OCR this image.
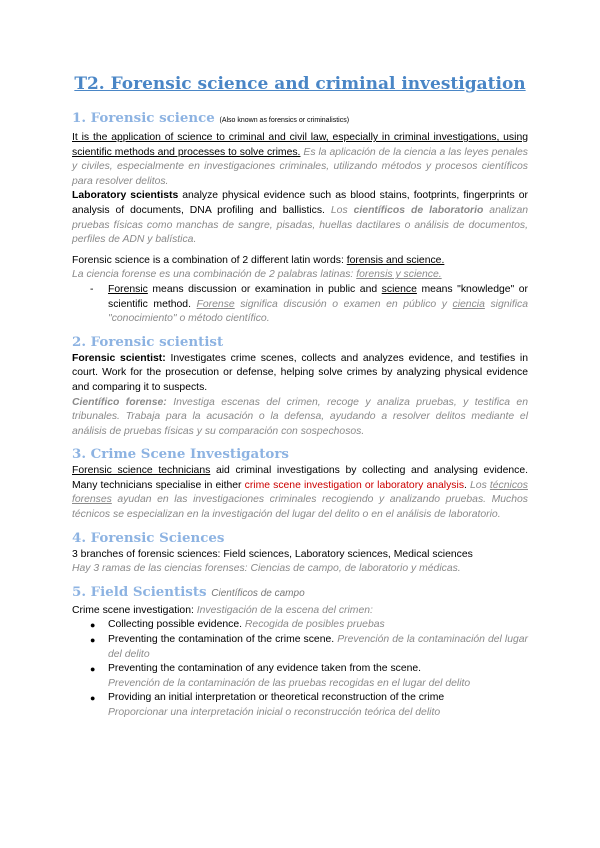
T2. Forensic science and criminal investigation
1. Forensic science (Also known as forensics or criminalistics)

It is the application of science to criminal and civil law, especially in criminal investigations, using scientific methods and processes to solve crimes. Es la aplicación de la ciencia a las leyes penales y civiles, especialmente en investigaciones criminales, utilizando métodos y procesos científicos para resolver delitos.

Laboratory scientists analyze physical evidence such as blood stains, footprints, fingerprints or analysis of documents, DNA profiling and ballistics. Los científicos de laboratorio analizan pruebas físicas como manchas de sangre, pisadas, huellas dactilares o análisis de documentos, perfiles de ADN y balística.

Forensic science is a combination of 2 different latin words: forensis and science.

La ciencia forense es una combinación de 2 palabras latinas: forensis y science.

- Forensic means discussion or examination in public and science means "knowledge" or scientific method. Forense significa discusión o examen en público y ciencia significa "conocimiento" o método científico.
2. Forensic scientist

Forensic scientist: Investigates crime scenes, collects and analyzes evidence, and testifies in court. Work for the prosecution or defense, helping solve crimes by analyzing physical evidence and comparing it to suspects.

Científico forense: Investiga escenas del crimen, recoge y analiza pruebas, y testifica en tribunales. Trabaja para la acusación o la defensa, ayudando a resolver delitos mediante el análisis de pruebas físicas y su comparación con sospechosos.

3. Crime Scene Investigators

Forensic science technicians aid criminal investigations by collecting and analysing evidence. Many technicians specialise in either crime scene investigation or laboratory analysis. Los técnicos forenses ayudan en las investigaciones criminales recogiendo y analizando pruebas. Muchos técnicos se especializan en la investigación del lugar del delito o en el análisis de laboratorio.

4. Forensic Sciences

3 branches of forensic sciences: Field sciences, Laboratory sciences, Medical sciences

Hay 3 ramas de las ciencias forenses: Ciencias de campo, de laboratorio y médicas.

5. Field Scientists Científicos de campo

Crime scene investigation: Investigación de la escena del crimen:

● Collecting possible evidence. Recogida de posibles pruebas
● Preventing the contamination of the crime scene. Prevención de la contaminación del lugar del delito
● Preventing the contamination of any evidence taken from the scene.
Prevención de la contaminación de las pruebas recogidas en el lugar del delito
● Providing an initial interpretation or theoretical reconstruction of the crime
Proporcionar una interpretación inicial o reconstrucción teórica del delito
